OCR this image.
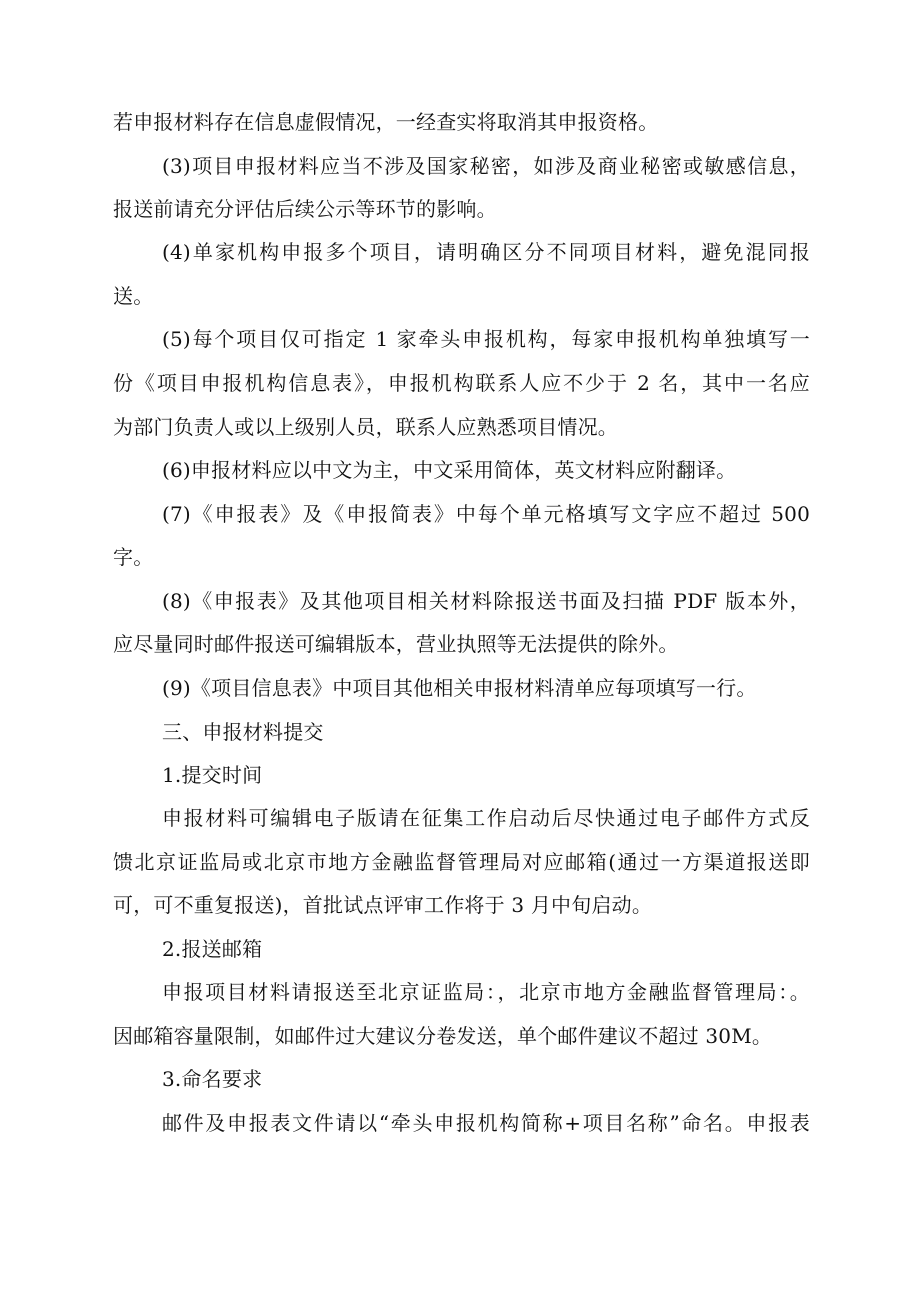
若申报材料存在信息虚假情况，一经查实将取消其申报资格。
(3)项目申报材料应当不涉及国家秘密，如涉及商业秘密或敏感信息，
报送前请充分评估后续公示等环节的影响。
(4)单家机构申报多个项目，请明确区分不同项目材料，避免混同报
送。
(5)每个项目仅可指定 1 家牵头申报机构，每家申报机构单独填写一
份《项目申报机构信息表》，申报机构联系人应不少于 2 名，其中一名应
为部门负责人或以上级别人员，联系人应熟悉项目情况。
(6)申报材料应以中文为主，中文采用简体，英文材料应附翻译。
(7)《申报表》及《申报简表》中每个单元格填写文字应不超过 500
字。
(8)《申报表》及其他项目相关材料除报送书面及扫描 PDF 版本外，
应尽量同时邮件报送可编辑版本，营业执照等无法提供的除外。
(9)《项目信息表》中项目其他相关申报材料清单应每项填写一行。
三、申报材料提交
1.提交时间
申报材料可编辑电子版请在征集工作启动后尽快通过电子邮件方式反
馈北京证监局或北京市地方金融监督管理局对应邮箱(通过一方渠道报送即
可，可不重复报送)，首批试点评审工作将于 3 月中旬启动。
2.报送邮箱
申报项目材料请报送至北京证监局：，北京市地方金融监督管理局：。
因邮箱容量限制，如邮件过大建议分卷发送，单个邮件建议不超过 30M。
3.命名要求
邮件及申报表文件请以“牵头申报机构简称+项目名称”命名。申报表
